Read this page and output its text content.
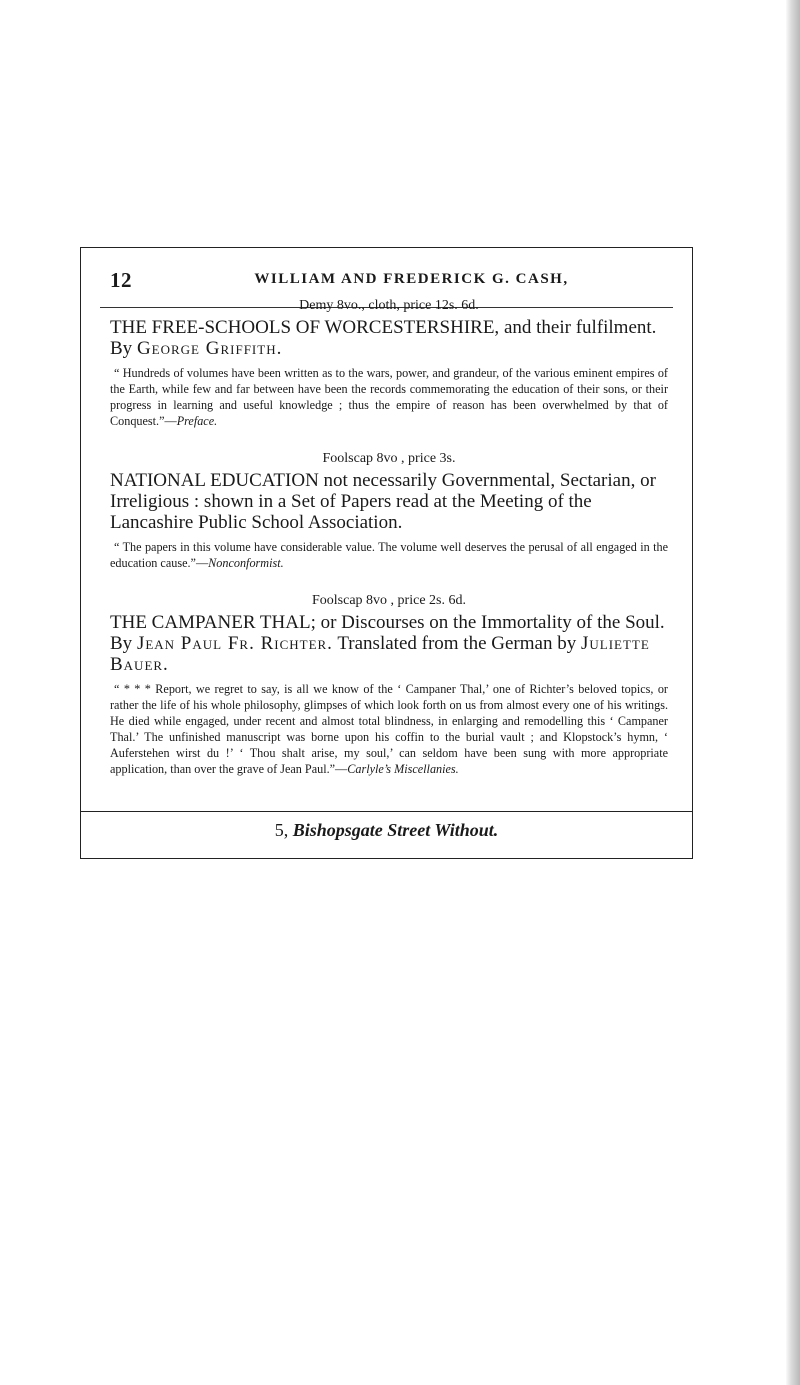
12	WILLIAM AND FREDERICK G. CASH,

Demy 8vo., cloth, price 12s. 6d.

THE FREE-SCHOOLS OF WORCESTERSHIRE, and their fulfilment. By George Griffith.

“ Hundreds of volumes have been written as to the wars, power, and grandeur, of the various eminent empires of the Earth, while few and far between have been the records commemorating the education of their sons, or their progress in learning and useful knowledge ; thus the empire of reason has been overwhelmed by that of Conquest.”—Preface.

Foolscap 8vo , price 3s.

NATIONAL EDUCATION not necessarily Governmental, Sectarian, or Irreligious : shown in a Set of Papers read at the Meeting of the Lancashire Public School Association.

“ The papers in this volume have considerable value. The volume well deserves the perusal of all engaged in the education cause.”—Nonconformist.

Foolscap 8vo , price 2s. 6d.

THE CAMPANER THAL; or Discourses on the Immortality of the Soul. By Jean Paul Fr. Richter. Translated from the German by Juliette Bauer.

“ * * * Report, we regret to say, is all we know of the ‘ Campaner Thal,’ one of Richter’s beloved topics, or rather the life of his whole philosophy, glimpses of which look forth on us from almost every one of his writings. He died while engaged, under recent and almost total blindness, in enlarging and remodelling this ‘ Campaner Thal.’ The unfinished manuscript was borne upon his coffin to the burial vault ; and Klopstock’s hymn, ‘ Auferstehen wirst du !’ ‘ Thou shalt arise, my soul,’ can seldom have been sung with more appropriate application, than over the grave of Jean Paul.”—Carlyle’s Miscellanies.

5, Bishopsgate Street Without.
